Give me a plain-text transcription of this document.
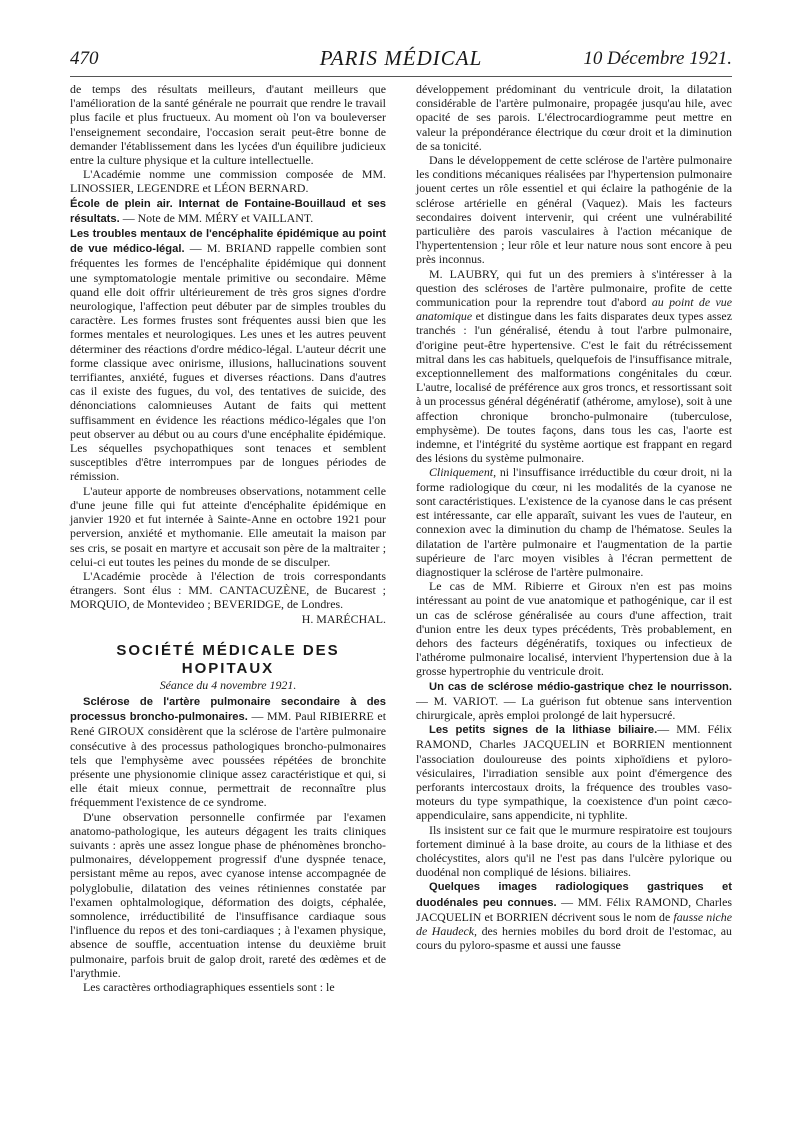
470	PARIS MÉDICAL	10 Décembre 1921.

de temps des résultats meilleurs, d'autant meilleurs que l'amélioration de la santé générale ne pourrait que rendre le travail plus facile et plus fructueux. Au moment où l'on va bouleverser l'enseignement secondaire, l'occasion serait peut-être bonne de demander l'établissement dans les lycées d'un équilibre judicieux entre la culture physique et la culture intellectuelle.

L'Académie nomme une commission composée de MM. LINOSSIER, LEGENDRE et LÉON BERNARD.

École de plein air. Internat de Fontaine-Bouillaud et ses résultats. — Note de MM. MÉRY et VAILLANT.

Les troubles mentaux de l'encéphalite épidémique au point de vue médico-légal. — M. BRIAND rappelle combien sont fréquentes les formes de l'encéphalite épidémique qui donnent une symptomatologie mentale primitive ou secondaire. Même quand elle doit offrir ultérieurement de très gros signes d'ordre neurologique, l'affection peut débuter par de simples troubles du caractère. Les formes frustes sont fréquentes aussi bien que les formes mentales et neurologiques. Les unes et les autres peuvent déterminer des réactions d'ordre médico-légal. L'auteur décrit une forme classique avec onirisme, illusions, hallucinations souvent terrifiantes, anxiété, fugues et diverses réactions. Dans d'autres cas il existe des fugues, du vol, des tentatives de suicide, des dénonciations calomnieuses Autant de faits qui mettent suffisamment en évidence les réactions médico-légales que l'on peut observer au début ou au cours d'une encéphalite épidémique. Les séquelles psychopathiques sont tenaces et semblent susceptibles d'être interrompues par de longues périodes de rémission.

L'auteur apporte de nombreuses observations, notamment celle d'une jeune fille qui fut atteinte d'encéphalite épidémique en janvier 1920 et fut internée à Sainte-Anne en octobre 1921 pour perversion, anxiété et mythomanie. Elle ameutait la maison par ses cris, se posait en martyre et accusait son père de la maltraiter ; celui-ci eut toutes les peines du monde de se disculper.

L'Académie procède à l'élection de trois correspondants étrangers. Sont élus : MM. CANTACUZÈNE, de Bucarest ; MORQUIO, de Montevideo ; BEVERIDGE, de Londres.

H. MARÉCHAL.

SOCIÉTÉ MÉDICALE DES HOPITAUX
Séance du 4 novembre 1921.

Sclérose de l'artère pulmonaire secondaire à des processus broncho-pulmonaires. — MM. Paul RIBIERRE et René GIROUX considèrent que la sclérose de l'artère pulmonaire consécutive à des processus pathologiques broncho-pulmonaires tels que l'emphysème avec poussées répétées de bronchite présente une physionomie clinique assez caractéristique et qui, si elle était mieux connue, permettrait de reconnaître plus fréquemment l'existence de ce syndrome.

D'une observation personnelle confirmée par l'examen anatomo-pathologique, les auteurs dégagent les traits cliniques suivants : après une assez longue phase de phénomènes broncho-pulmonaires, développement progressif d'une dyspnée tenace, persistant même au repos, avec cyanose intense accompagnée de polyglobulie, dilatation des veines rétiniennes constatée par l'examen ophtalmologique, déformation des doigts, céphalée, somnolence, irréductibilité de l'insuffisance cardiaque sous l'influence du repos et des toni-cardiaques ; à l'examen physique, absence de souffle, accentuation intense du deuxième bruit pulmonaire, parfois bruit de galop droit, rareté des œdèmes et de l'arythmie.

Les caractères orthodiagraphiques essentiels sont : le

développement prédominant du ventricule droit, la dilatation considérable de l'artère pulmonaire, propagée jusqu'au hile, avec opacité de ses parois. L'électrocardiogramme peut mettre en valeur la prépondérance électrique du cœur droit et la diminution de sa tonicité.

Dans le développement de cette sclérose de l'artère pulmonaire les conditions mécaniques réalisées par l'hypertension pulmonaire jouent certes un rôle essentiel et qui éclaire la pathogénie de la sclérose artérielle en général (Vaquez). Mais les facteurs secondaires doivent intervenir, qui créent une vulnérabilité particulière des parois vasculaires à l'action mécanique de l'hypertentension ; leur rôle et leur nature nous sont encore à peu près inconnus.

M. LAUBRY, qui fut un des premiers à s'intéresser à la question des scléroses de l'artère pulmonaire, profite de cette communication pour la reprendre tout d'abord au point de vue anatomique et distingue dans les faits disparates deux types assez tranchés : l'un généralisé, étendu à tout l'arbre pulmonaire, d'origine peut-être hypertensive. C'est le fait du rétrécissement mitral dans les cas habituels, quelquefois de l'insuffisance mitrale, exceptionnellement des malformations congénitales du cœur. L'autre, localisé de préférence aux gros troncs, et ressortissant soit à un processus général dégénératif (athérome, amylose), soit à une affection chronique broncho-pulmonaire (tuberculose, emphysème). De toutes façons, dans tous les cas, l'aorte est indemne, et l'intégrité du système aortique est frappant en regard des lésions du système pulmonaire.

Cliniquement, ni l'insuffisance irréductible du cœur droit, ni la forme radiologique du cœur, ni les modalités de la cyanose ne sont caractéristiques. L'existence de la cyanose dans le cas présent est intéressante, car elle apparaît, suivant les vues de l'auteur, en connexion avec la diminution du champ de l'hématose. Seules la dilatation de l'artère pulmonaire et l'augmentation de la partie supérieure de l'arc moyen visibles à l'écran permettent de diagnostiquer la sclérose de l'artère pulmonaire.

Le cas de MM. Ribierre et Giroux n'en est pas moins intéressant au point de vue anatomique et pathogénique, car il est un cas de sclérose généralisée au cours d'une affection, trait d'union entre les deux types précédents, Très probablement, en dehors des facteurs dégénératifs, toxiques ou infectieux de l'athérome pulmonaire localisé, intervient l'hypertension due à la grosse hypertrophie du ventricule droit.

Un cas de sclérose médio-gastrique chez le nourrisson. — M. VARIOT. — La guérison fut obtenue sans intervention chirurgicale, après emploi prolongé de lait hypersucré.

Les petits signes de la lithiase biliaire.— MM. Félix RAMOND, Charles JACQUELIN et BORRIEN mentionnent l'association douloureuse des points xiphoïdiens et pyloro-vésiculaires, l'irradiation sensible aux point d'émergence des perforants intercostaux droits, la fréquence des troubles vaso-moteurs du type sympathique, la coexistence d'un point cæco-appendiculaire, sans appendicite, ni typhlite.

Ils insistent sur ce fait que le murmure respiratoire est toujours fortement diminué à la base droite, au cours de la lithiase et des cholécystites, alors qu'il ne l'est pas dans l'ulcère pylorique ou duodénal non compliqué de lésions. biliaires.

Quelques images radiologiques gastriques et duodénales peu connues. — MM. Félix RAMOND, Charles JACQUELIN et BORRIEN décrivent sous le nom de fausse niche de Haudeck, des hernies mobiles du bord droit de l'estomac, au cours du pyloro-spasme et aussi une fausse
